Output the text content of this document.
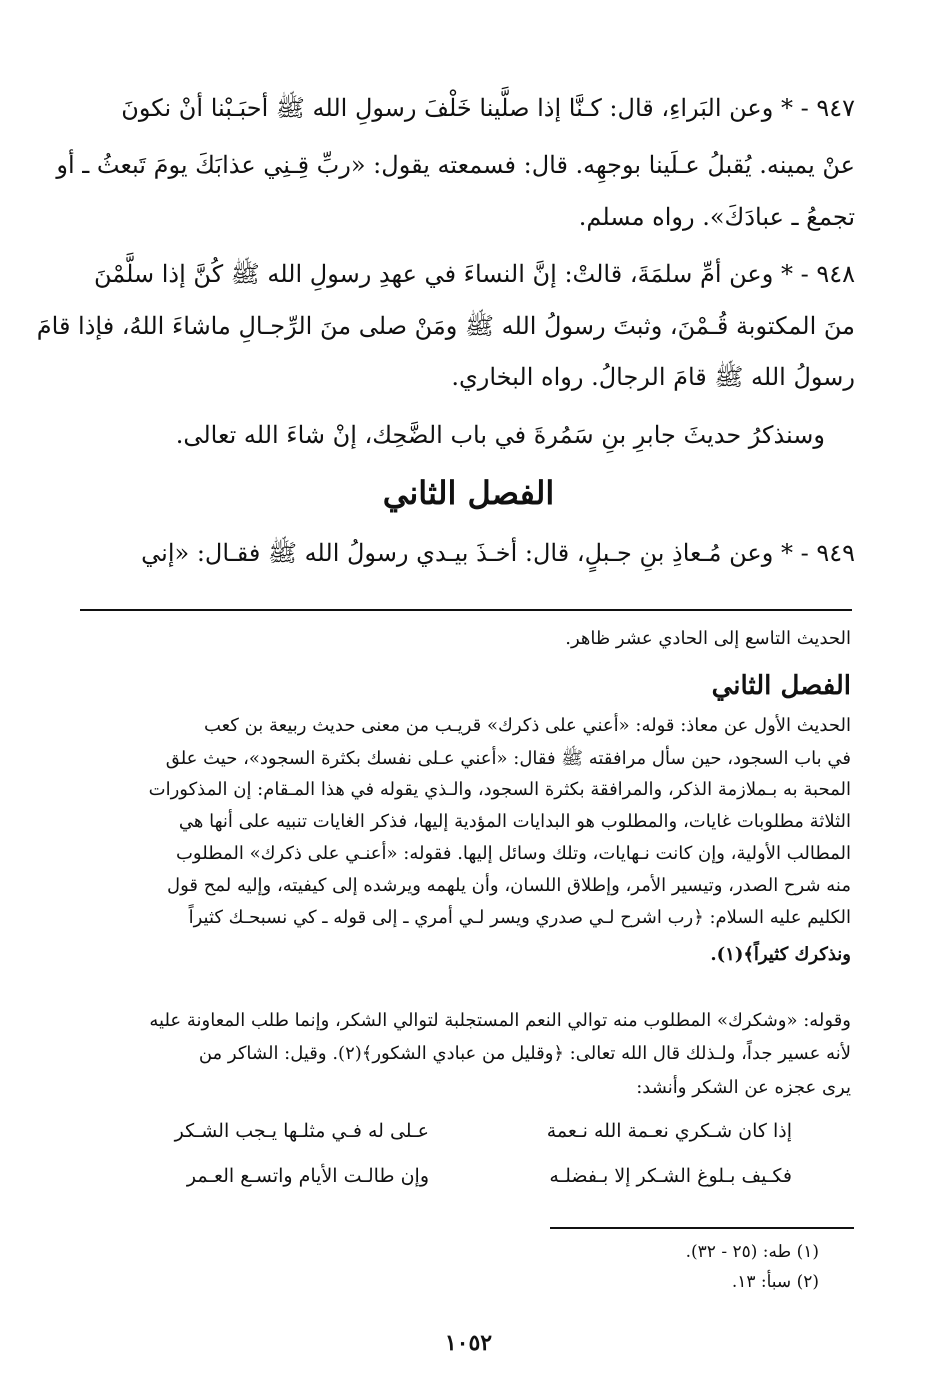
٩٤٧ - * وعن البَراءِ، قال: كـنَّا إذا صلَّينا خَلْفَ رسولِ الله ﷺ أحبَـبْنا أنْ نكونَ
عنْ يمينه. يُقبلُ عـلَينا بوجهِه. قال: فسمعته يقول: «ربِّ قِـنِي عذابَكَ يومَ تَبعثُ ـ أو
تجمعُ ـ عبادَكَ». رواه مسلم.
٩٤٨ - * وعن أمِّ سلمَةَ، قالتْ: إنَّ النساءَ في عهدِ رسولِ الله ﷺ كُنَّ إذا سلَّمْنَ
منَ المكتوبة قُـمْنَ، وثبتَ رسولُ الله ﷺ ومَنْ صلى منَ الرِّجـالِ ماشاءَ اللهُ، فإذا قامَ
رسولُ الله ﷺ قامَ الرجالُ. رواه البخاري.
وسنذكرُ حديثَ جابرِ بنِ سَمُرةَ في باب الضَّحِك، إنْ شاءَ الله تعالى.
الفصل الثاني
٩٤٩ - * وعن مُـعاذِ بنِ جـبلٍ، قال: أخـذَ بيـدي رسولُ الله ﷺ فقـال: «إني
الحديث التاسع إلى الحادي عشر ظاهر.
الفصل الثاني
الحديث الأول عن معاذ: قوله: «أعني على ذكرك» قريـب من معنى حديث ربيعة بن كعب
في باب السجود، حين سأل مرافقته ﷺ فقال: «أعني عـلى نفسك بكثرة السجود»، حيث علق
المحبة به بـملازمة الذكر، والمرافقة بكثرة السجود، والـذي يقوله في هذا المـقام: إن المذكورات
الثلاثة مطلوبات غايات، والمطلوب هو البدايات المؤدية إليها، فذكر الغايات تنبيه على أنها هي
المطالب الأولية، وإن كانت نـهايات، وتلك وسائل إليها. فقوله: «أعنـي على ذكرك» المطلوب
منه شرح الصدر، وتيسير الأمر، وإطلاق اللسان، وأن يلهمه ويرشده إلى كيفيته، وإليه لمح قول
الكليم عليه السلام: ﴿رب اشرح لـي صدري ويسر لـي أمري ـ إلى قوله ـ كي نسبحـك كثيراً
ونذكرك كثيراً﴾(١).
وقوله: «وشكرك» المطلوب منه توالي النعم المستجلبة لتوالي الشكر، وإنما طلب المعاونة عليه
لأنه عسير جداً، ولـذلك قال الله تعالى: ﴿وقليل من عبادي الشكور﴾(٢). وقيل: الشاكر من
يرى عجزه عن الشكر وأنشد:
إذا كان شـكري نعـمة الله نـعمة
عـلى له فـي مثلـها يـجب الشـكر
فكـيف بـلوغ الشـكر إلا بـفضلـه
وإن طالـت الأيام واتسـع العـمر
(١) طه: (٢٥ - ٣٢).
(٢) سبأ: ١٣.
١٠٥٢
